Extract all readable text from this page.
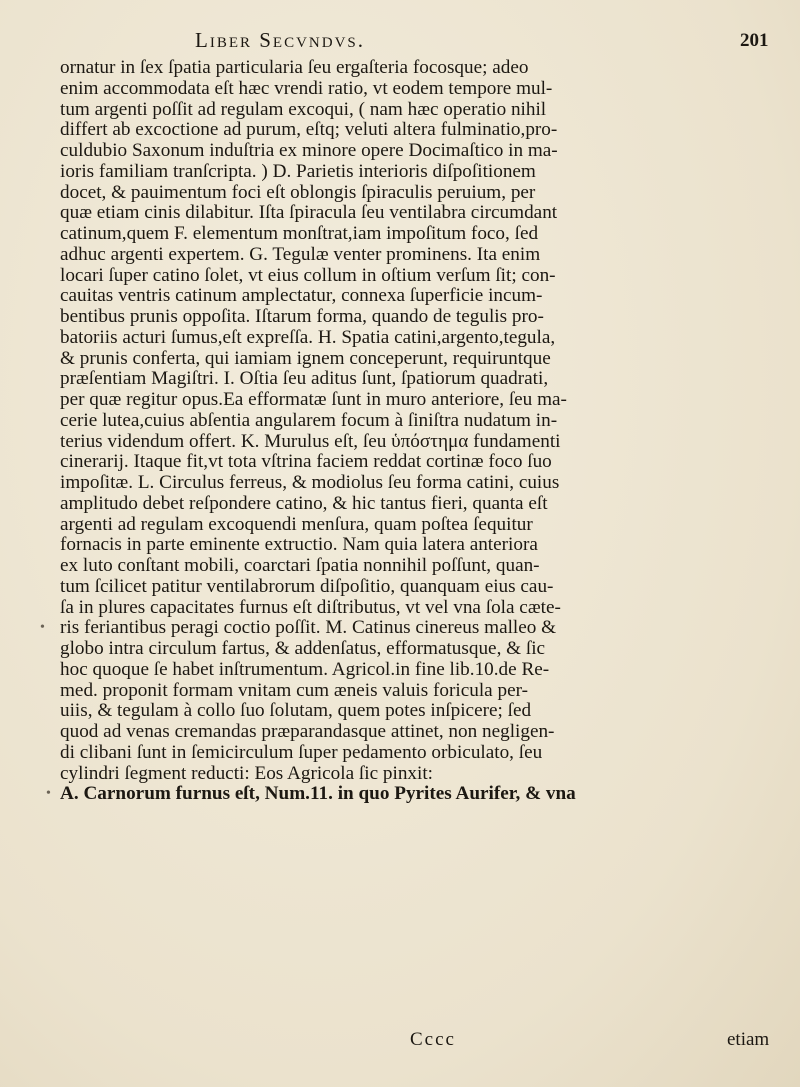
Liber Secvndvs.	201
ornatur in ſex ſpatia particularia ſeu ergaſteria focosque; adeo
enim accommodata eſt hæc vrendi ratio, vt eodem tempore mul-
tum argenti poſſit ad regulam excoqui, ( nam hæc operatio nihil
differt ab excoctione ad purum, eſtq; veluti altera fulminatio,pro-
culdubio Saxonum induſtria ex minore opere Docimaſtico in ma-
ioris familiam tranſcripta. ) D. Parietis interioris diſpoſitionem
docet, & pauimentum foci eſt oblongis ſpiraculis peruium, per
quæ etiam cinis dilabitur. Iſta ſpiracula ſeu ventilabra circumdant
catinum,quem F. elementum monſtrat,iam impoſitum foco, ſed
adhuc argenti expertem. G. Tegulæ venter prominens. Ita enim
locari ſuper catino ſolet, vt eius collum in oſtium verſum ſit; con-
cauitas ventris catinum amplectatur, connexa ſuperficie incum-
bentibus prunis oppoſita. Iſtarum forma, quando de tegulis pro-
batoriis acturi ſumus,eſt expreſſa. H. Spatia catini,argento,tegula,
& prunis conferta, qui iamiam ignem conceperunt, requiruntque
præſentiam Magiſtri. I. Oſtia ſeu aditus ſunt, ſpatiorum quadrati,
per quæ regitur opus.Ea efformatæ ſunt in muro anteriore, ſeu ma-
cerie lutea,cuius abſentia angularem focum à ſiniſtra nudatum in-
terius videndum offert. K. Murulus eſt, ſeu ὑπόστημα fundamenti
cinerarij. Itaque fit,vt tota vſtrina faciem reddat cortinæ foco ſuo
impoſitæ. L. Circulus ferreus, & modiolus ſeu forma catini, cuius
amplitudo debet reſpondere catino, & hic tantus fieri, quanta eſt
argenti ad regulam excoquendi menſura, quam poſtea ſequitur
fornacis in parte eminente extructio. Nam quia latera anteriora
ex luto conſtant mobili, coarctari ſpatia nonnihil poſſunt, quan-
tum ſcilicet patitur ventilabrorum diſpoſitio, quanquam eius cau-
ſa in plures capacitates furnus eſt diſtributus, vt vel vna ſola cæte-
ris feriantibus peragi coctio poſſit. M. Catinus cinereus malleo &
globo intra circulum fartus, & addenſatus, efformatusque, & ſic
hoc quoque ſe habet inſtrumentum. Agricol.in fine lib.10.de Re-
med. proponit formam vnitam cum æneis valuis foricula per-
uiis, & tegulam à collo ſuo ſolutam, quem potes inſpicere; ſed
quod ad venas cremandas præparandasque attinet, non negligen-
di clibani ſunt in ſemicirculum ſuper pedamento orbiculato, ſeu
cylindri ſegment reducti: Eos Agricola ſic pinxit:
A. Carnorum furnus eſt, Num.11. in quo Pyrites Aurifer, & vna
•
•
Cccc	etiam
